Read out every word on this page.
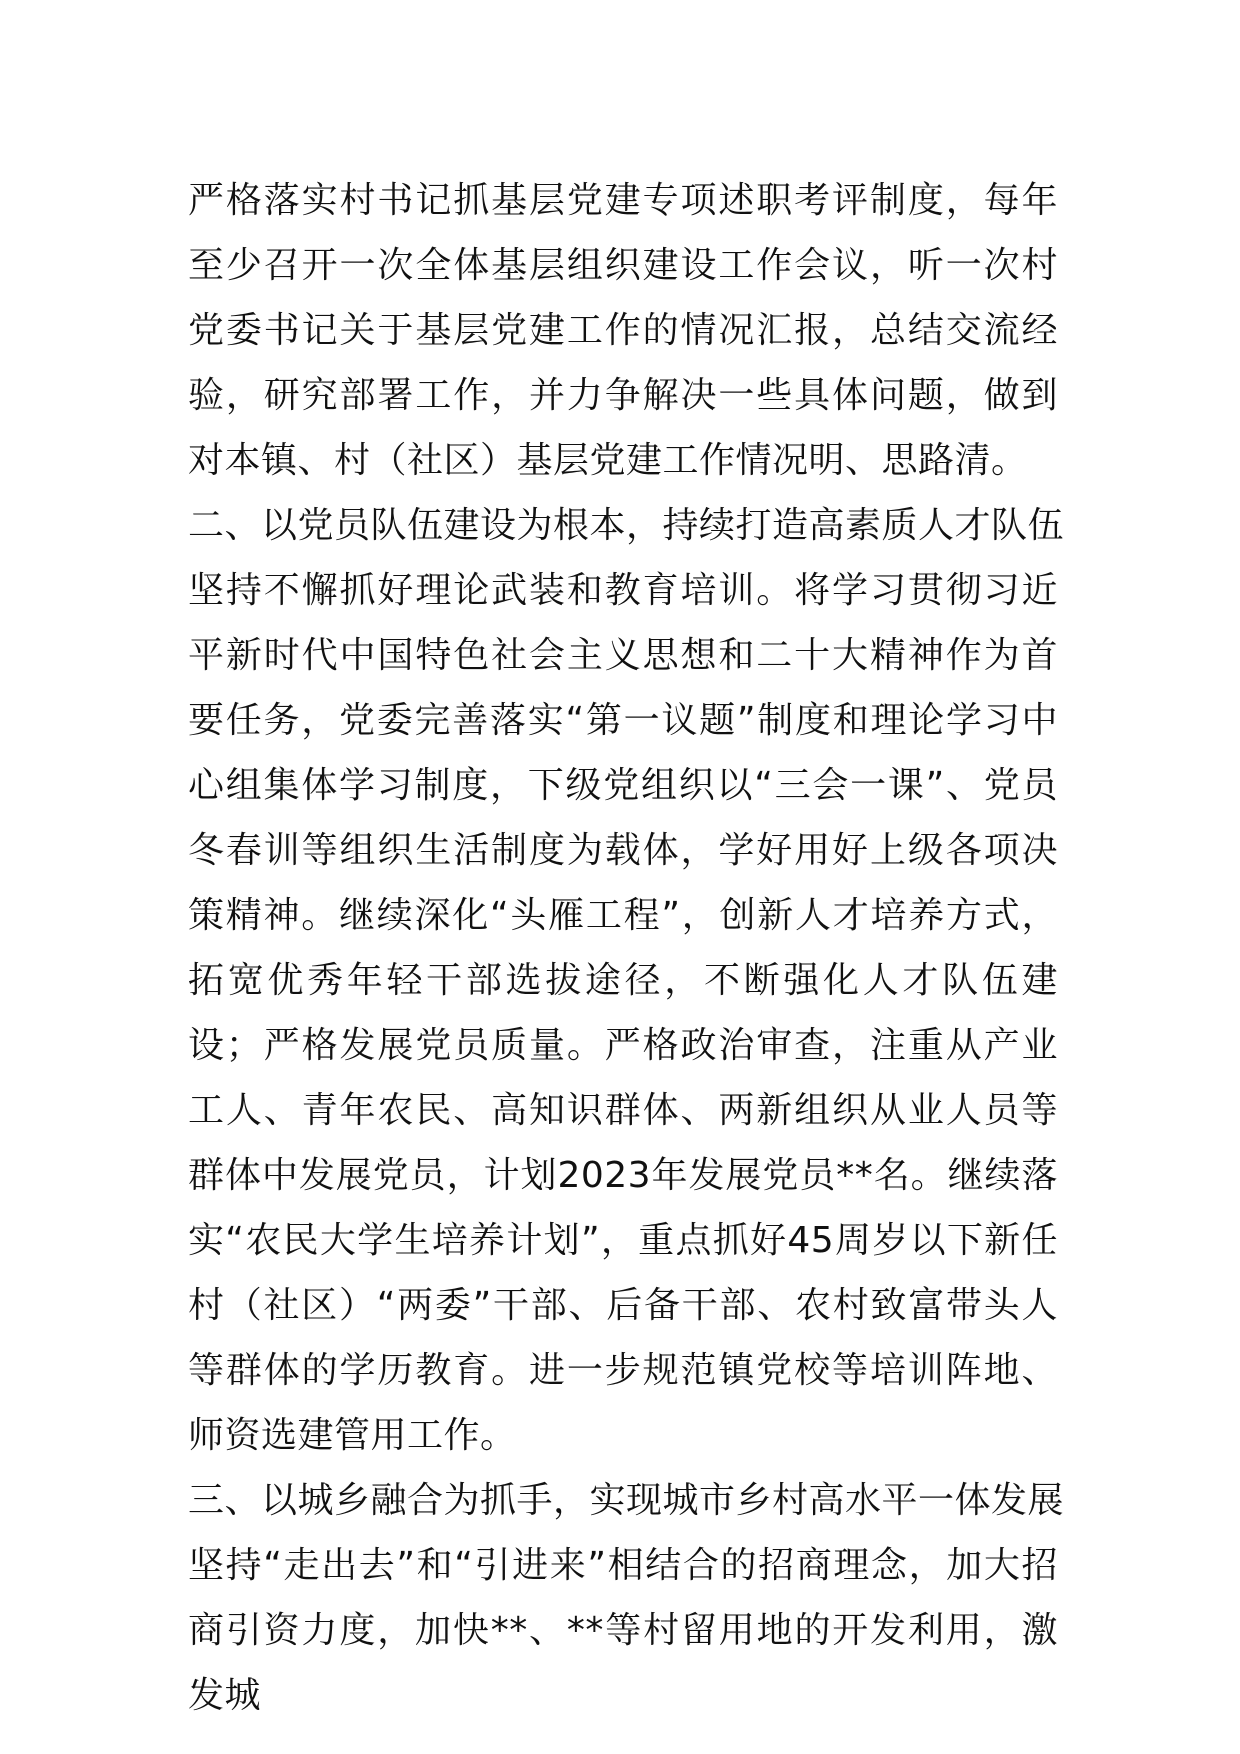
严格落实村书记抓基层党建专项述职考评制度，每年至少召开一次全体基层组织建设工作会议，听一次村党委书记关于基层党建工作的情况汇报，总结交流经验，研究部署工作，并力争解决一些具体问题，做到对本镇、村（社区）基层党建工作情况明、思路清。

二、以党员队伍建设为根本，持续打造高素质人才队伍

坚持不懈抓好理论武装和教育培训。将学习贯彻习近平新时代中国特色社会主义思想和二十大精神作为首要任务，党委完善落实“第一议题”制度和理论学习中心组集体学习制度，下级党组织以“三会一课”、党员冬春训等组织生活制度为载体，学好用好上级各项决策精神。继续深化“头雁工程”，创新人才培养方式，拓宽优秀年轻干部选拔途径，不断强化人才队伍建设；严格发展党员质量。严格政治审查，注重从产业工人、青年农民、高知识群体、两新组织从业人员等群体中发展党员，计划2023年发展党员**名。继续落实“农民大学生培养计划”，重点抓好45周岁以下新任村（社区）“两委”干部、后备干部、农村致富带头人等群体的学历教育。进一步规范镇党校等培训阵地、师资选建管用工作。

三、以城乡融合为抓手，实现城市乡村高水平一体发展

坚持“走出去”和“引进来”相结合的招商理念，加大招商引资力度，加快**、**等村留用地的开发利用，激发城
